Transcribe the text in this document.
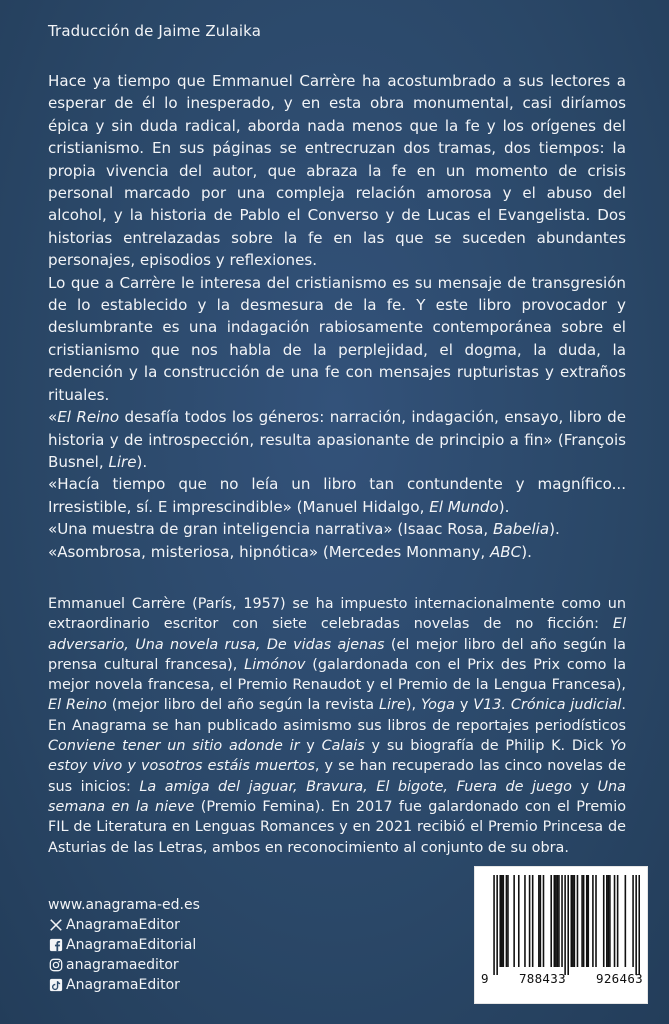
Traducción de Jaime Zulaika

Hace ya tiempo que Emmanuel Carrère ha acostumbrado a sus lectores a esperar de él lo inesperado, y en esta obra monumental, casi diríamos épica y sin duda radical, aborda nada menos que la fe y los orígenes del cristianismo. En sus páginas se entrecruzan dos tramas, dos tiempos: la propia vivencia del autor, que abraza la fe en un momento de crisis personal marcado por una compleja relación amorosa y el abuso del alcohol, y la historia de Pablo el Converso y de Lucas el Evangelista. Dos historias entrelazadas sobre la fe en las que se suceden abundantes personajes, episodios y reflexiones.

Lo que a Carrère le interesa del cristianismo es su mensaje de transgresión de lo establecido y la desmesura de la fe. Y este libro provocador y deslumbrante es una indagación rabiosamente contemporánea sobre el cristianismo que nos habla de la perplejidad, el dogma, la duda, la redención y la construcción de una fe con mensajes rupturistas y extraños rituales.

«El Reino desafía todos los géneros: narración, indagación, ensayo, libro de historia y de introspección, resulta apasionante de principio a fin» (François Busnel, Lire).

«Hacía tiempo que no leía un libro tan contundente y magnífico... Irresistible, sí. E imprescindible» (Manuel Hidalgo, El Mundo).

«Una muestra de gran inteligencia narrativa» (Isaac Rosa, Babelia).

«Asombrosa, misteriosa, hipnótica» (Mercedes Monmany, ABC).

Emmanuel Carrère (París, 1957) se ha impuesto internacionalmente como un extraordinario escritor con siete celebradas novelas de no ficción: El adversario, Una novela rusa, De vidas ajenas (el mejor libro del año según la prensa cultural francesa), Limónov (galardonada con el Prix des Prix como la mejor novela francesa, el Premio Renaudot y el Premio de la Lengua Francesa), El Reino (mejor libro del año según la revista Lire), Yoga y V13. Crónica judicial. En Anagrama se han publicado asimismo sus libros de reportajes periodísticos Conviene tener un sitio adonde ir y Calais y su biografía de Philip K. Dick Yo estoy vivo y vosotros estáis muertos, y se han recuperado las cinco novelas de sus inicios: La amiga del jaguar, Bravura, El bigote, Fuera de juego y Una semana en la nieve (Premio Femina). En 2017 fue galardonado con el Premio FIL de Literatura en Lenguas Romances y en 2021 recibió el Premio Princesa de Asturias de las Letras, ambos en reconocimiento al conjunto de su obra.
www.anagrama-ed.es
AnagramaEditor
AnagramaEditorial
anagramaeditor
AnagramaEditor	9 788433 926463
